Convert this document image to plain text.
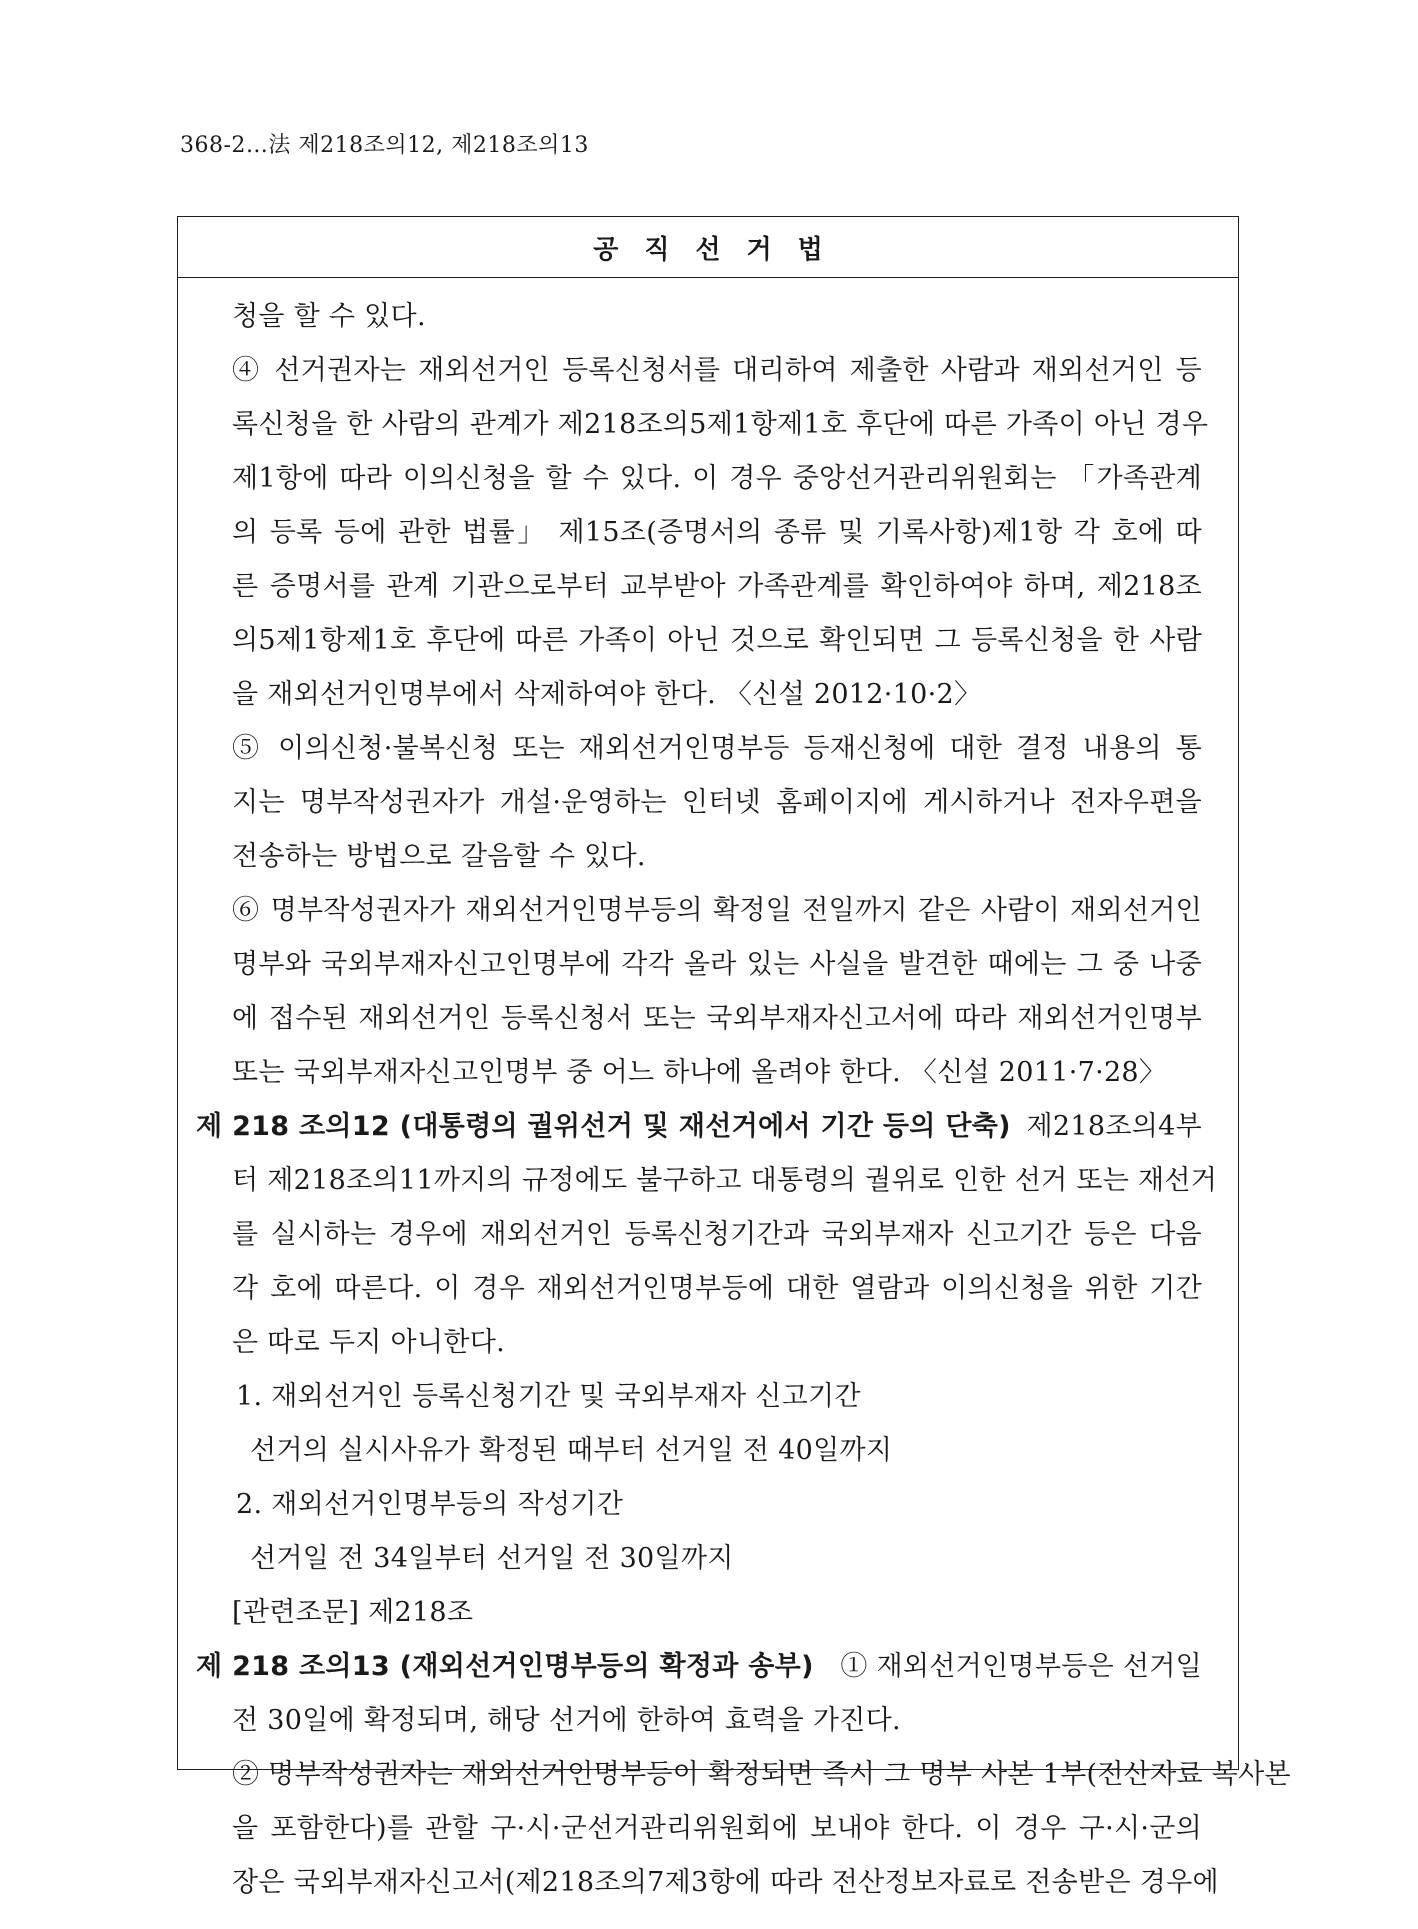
368-2…法 제218조의12, 제218조의13
공직선거법
청을 할 수 있다.
④ 선거권자는 재외선거인 등록신청서를 대리하여 제출한 사람과 재외선거인 등
록신청을 한 사람의 관계가 제218조의5제1항제1호 후단에 따른 가족이 아닌 경우
제1항에 따라 이의신청을 할 수 있다. 이 경우 중앙선거관리위원회는 「가족관계
의 등록 등에 관한 법률」 제15조(증명서의 종류 및 기록사항)제1항 각 호에 따
른 증명서를 관계 기관으로부터 교부받아 가족관계를 확인하여야 하며, 제218조
의5제1항제1호 후단에 따른 가족이 아닌 것으로 확인되면 그 등록신청을 한 사람
을 재외선거인명부에서 삭제하여야 한다. 〈신설 2012·10·2〉
⑤ 이의신청·불복신청 또는 재외선거인명부등 등재신청에 대한 결정 내용의 통
지는 명부작성권자가 개설·운영하는 인터넷 홈페이지에 게시하거나 전자우편을
전송하는 방법으로 갈음할 수 있다.
⑥ 명부작성권자가 재외선거인명부등의 확정일 전일까지 같은 사람이 재외선거인
명부와 국외부재자신고인명부에 각각 올라 있는 사실을 발견한 때에는 그 중 나중
에 접수된 재외선거인 등록신청서 또는 국외부재자신고서에 따라 재외선거인명부
또는 국외부재자신고인명부 중 어느 하나에 올려야 한다. 〈신설 2011·7·28〉
제 218 조의12 (대통령의 궐위선거 및 재선거에서 기간 등의 단축) 제218조의4부
터 제218조의11까지의 규정에도 불구하고 대통령의 궐위로 인한 선거 또는 재선거
를 실시하는 경우에 재외선거인 등록신청기간과 국외부재자 신고기간 등은 다음
각 호에 따른다. 이 경우 재외선거인명부등에 대한 열람과 이의신청을 위한 기간
은 따로 두지 아니한다.
1. 재외선거인 등록신청기간 및 국외부재자 신고기간
선거의 실시사유가 확정된 때부터 선거일 전 40일까지
2. 재외선거인명부등의 작성기간
선거일 전 34일부터 선거일 전 30일까지
[관련조문] 제218조
제 218 조의13 (재외선거인명부등의 확정과 송부) ① 재외선거인명부등은 선거일
전 30일에 확정되며, 해당 선거에 한하여 효력을 가진다.
② 명부작성권자는 재외선거인명부등이 확정되면 즉시 그 명부 사본 1부(전산자료 복사본
을 포함한다)를 관할 구·시·군선거관리위원회에 보내야 한다. 이 경우 구·시·군의
장은 국외부재자신고서(제218조의7제3항에 따라 전산정보자료로 전송받은 경우에
